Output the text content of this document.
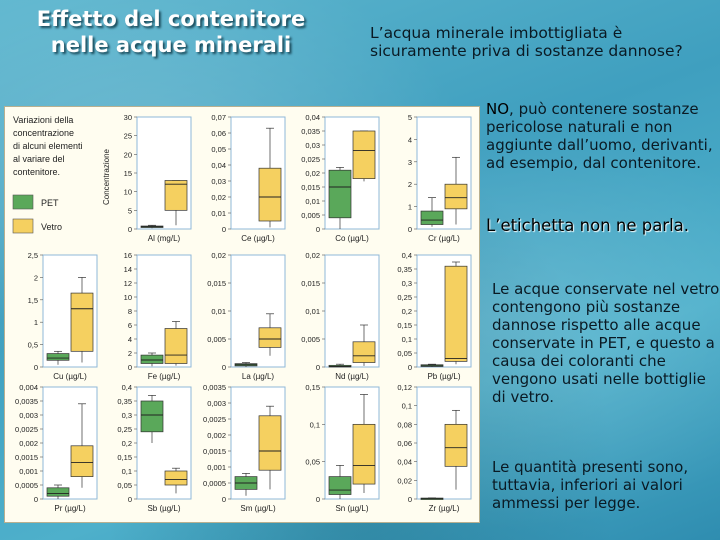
Effetto del contenitore
nelle acque minerali	L’acqua minerale imbottigliata è sicuramente priva di sostanze dannose?
Variazioni della
concentrazione
di alcuni elementi
al variare del
contenitore.
PET
Vetro
Concentrazione
0
5
10
15
20
25
30
Al (mg/L)
0
0,01
0,02
0,03
0,04
0,05
0,06
0,07
Ce (µg/L)
0
0,005
0,01
0,015
0,02
0,025
0,03
0,035
0,04
Co (µg/L)
0
1
2
3
4
5
Cr (µg/L)
0
0,5
1
1,5
2
2,5
Cu (µg/L)
0
2
4
6
8
10
12
14
16
Fe (µg/L)
0
0,005
0,01
0,015
0,02
La (µg/L)
0
0,005
0,01
0,015
0,02
Nd (µg/L)
0
0,05
0,1
0,15
0,2
0,25
0,3
0,35
0,4
Pb (µg/L)
0
0,0005
0,001
0,0015
0,002
0,0025
0,003
0,0035
0,004
Pr (µg/L)
0
0,05
0,1
0,15
0,2
0,25
0,3
0,35
0,4
Sb (µg/L)
0
0,0005
0,001
0,0015
0,002
0,0025
0,003
0,0035
Sm (µg/L)
0
0,05
0,1
0,15
Sn (µg/L)
0
0,02
0,04
0,06
0,08
0,1
0,12
Zr (µg/L)
NO, può contenere sostanze pericolose naturali e non aggiunte dall’uomo, derivanti, ad esempio, dal contenitore.
L’etichetta non ne parla.
Le acque conservate nel vetro contengono più sostanze dannose rispetto alle acque conservate in PET, e questo a causa dei coloranti che vengono usati nelle bottiglie di vetro.
Le quantità presenti sono, tuttavia, inferiori ai valori ammessi per legge.
